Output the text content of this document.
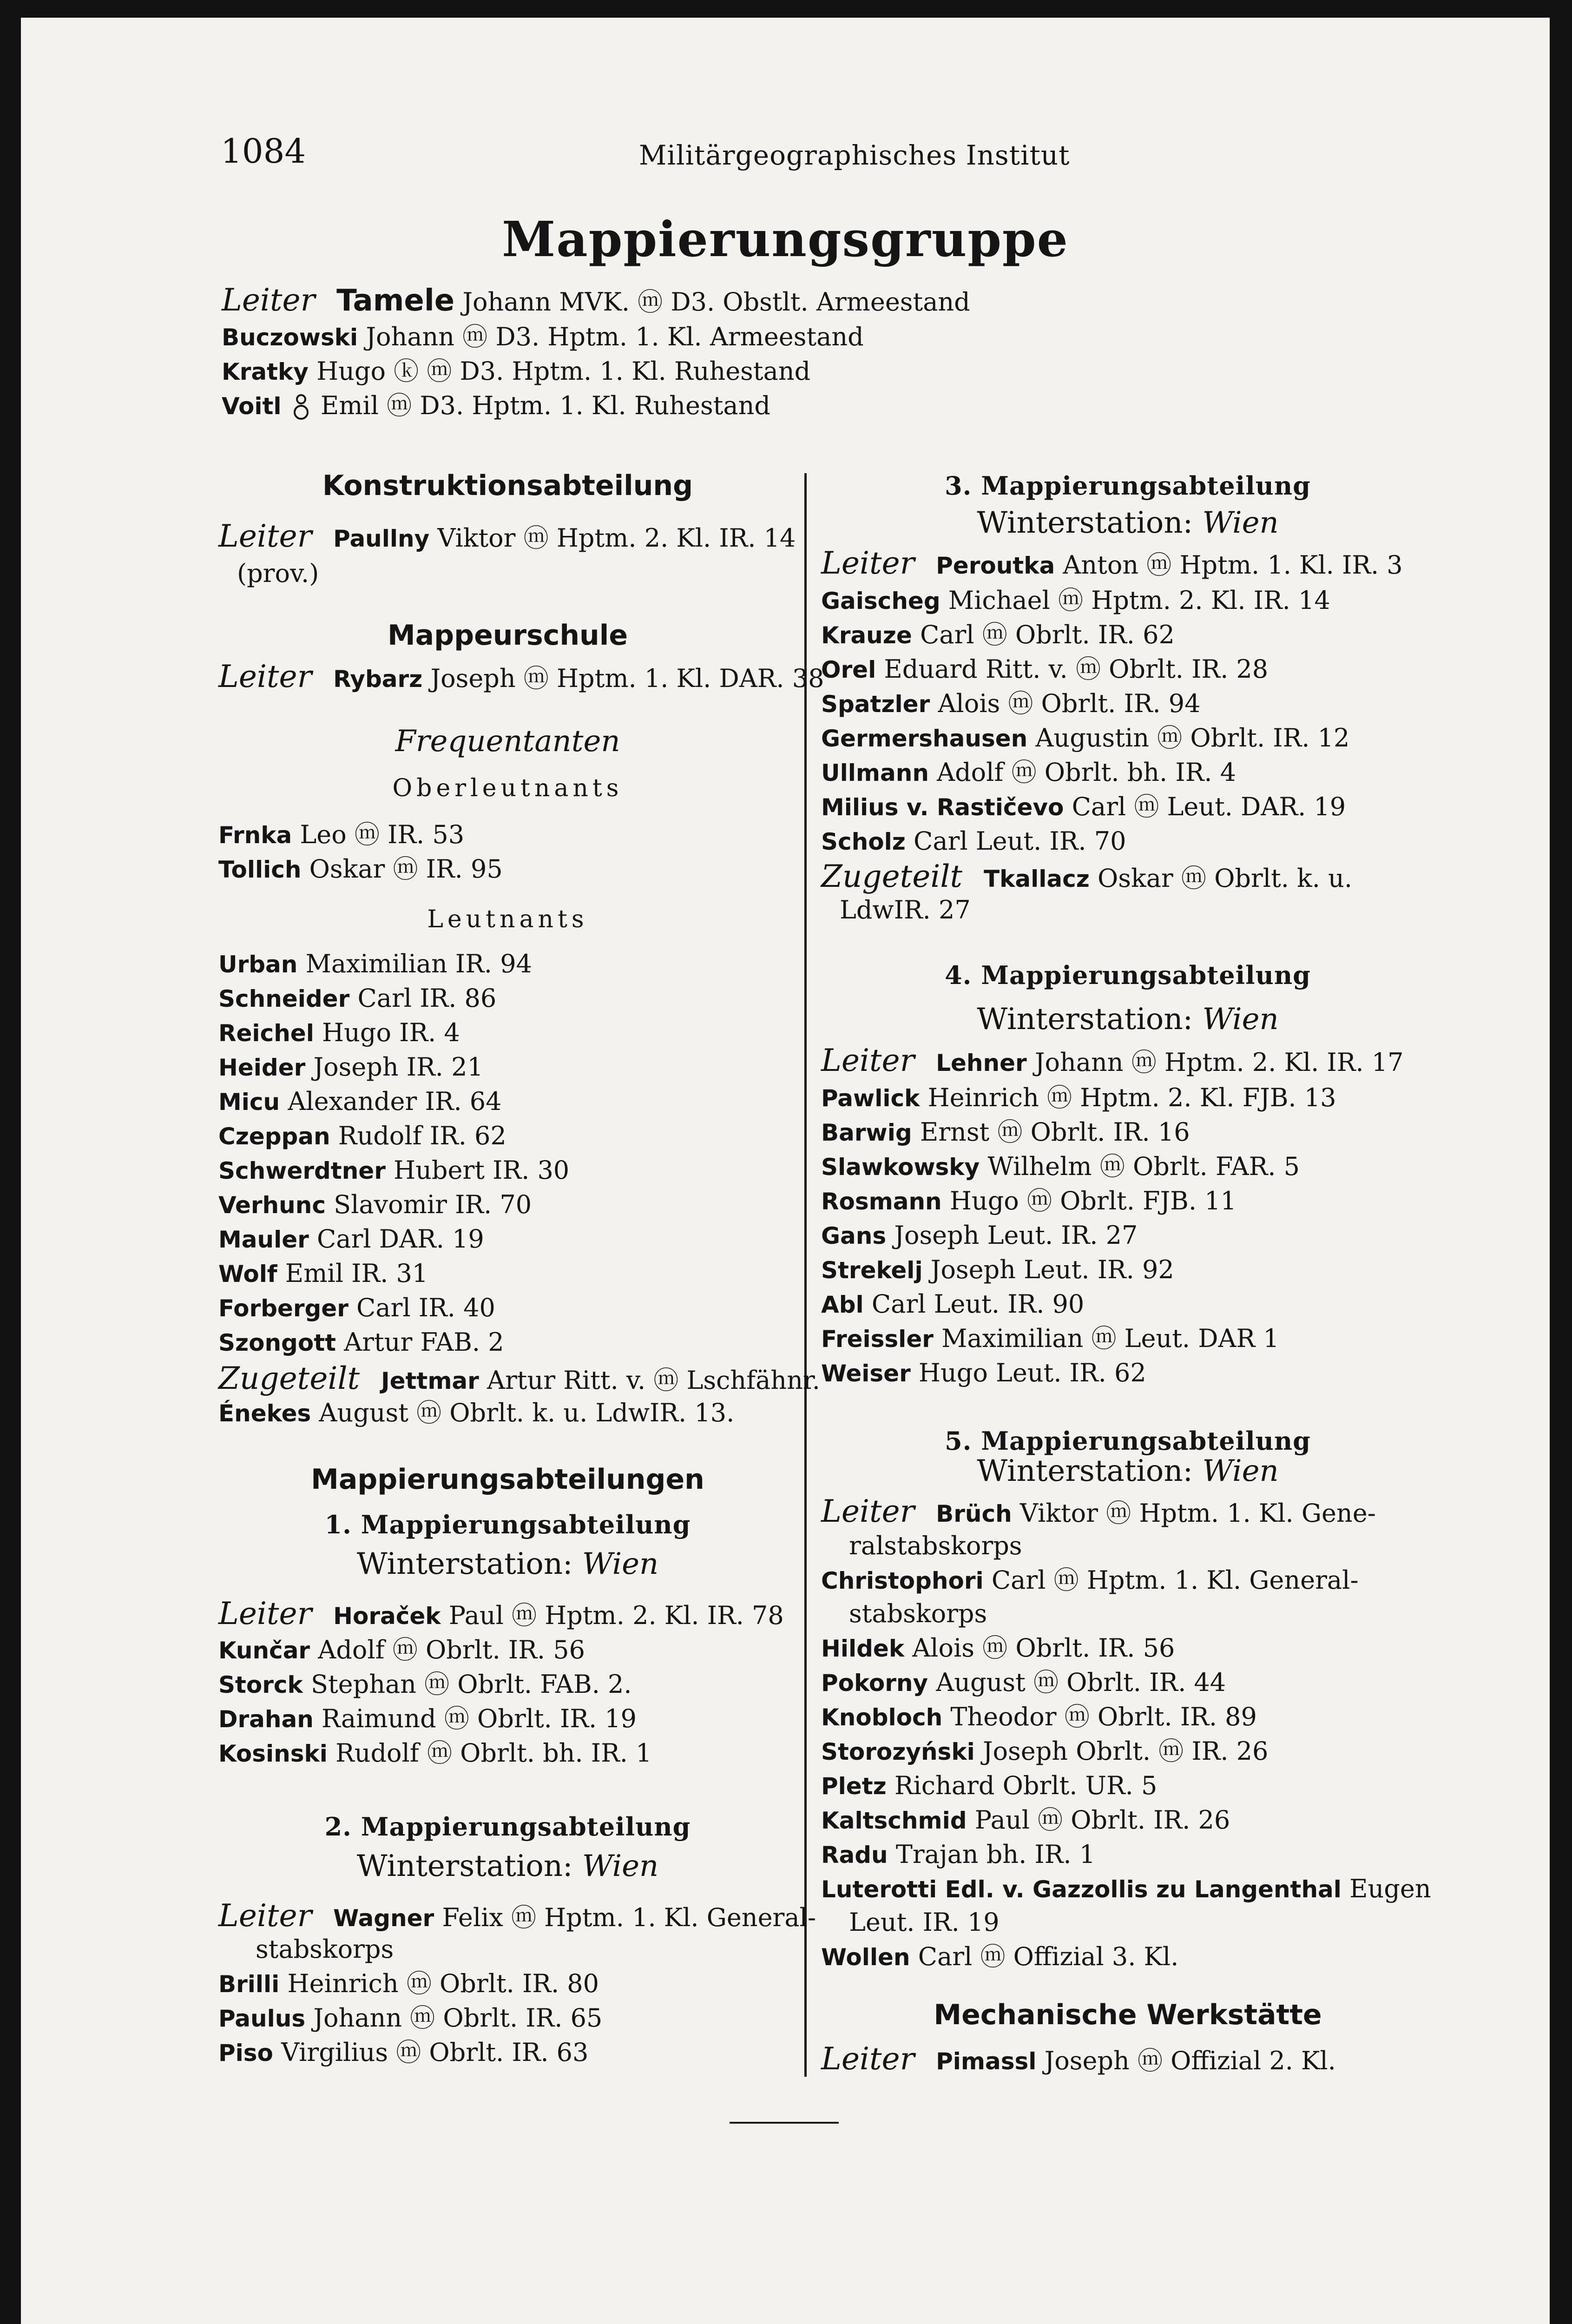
1084	Militärgeographisches Institut
Mappierungsgruppe
Leiter Tamele Johann MVK. ⓜ D3. Obstlt. Armeestand
Buczowski Johann ⓜ D3. Hptm. 1. Kl. Armeestand
Kratky Hugo ⓚ ⓜ D3. Hptm. 1. Kl. Ruhestand
Voitl Emil ⓜ D3. Hptm. 1. Kl. Ruhestand
Konstruktionsabteilung
Leiter Paullny Viktor ⓜ Hptm. 2. Kl. IR. 14
(prov.)
Mappeurschule
Leiter Rybarz Joseph ⓜ Hptm. 1. Kl. DAR. 38
Frequentanten
Oberleutnants
Frnka Leo ⓜ IR. 53
Tollich Oskar ⓜ IR. 95
Leutnants
Urban Maximilian IR. 94
Schneider Carl IR. 86
Reichel Hugo IR. 4
Heider Joseph IR. 21
Micu Alexander IR. 64
Czeppan Rudolf IR. 62
Schwerdtner Hubert IR. 30
Verhunc Slavomir IR. 70
Mauler Carl DAR. 19
Wolf Emil IR. 31
Forberger Carl IR. 40
Szongott Artur FAB. 2
Zugeteilt Jettmar Artur Ritt. v. ⓜ Lschfähnr.
Énekes August ⓜ Obrlt. k. u. LdwIR. 13.
Mappierungsabteilungen
1. Mappierungsabteilung
Winterstation: Wien
Leiter Horaček Paul ⓜ Hptm. 2. Kl. IR. 78
Kunčar Adolf ⓜ Obrlt. IR. 56
Storck Stephan ⓜ Obrlt. FAB. 2.
Drahan Raimund ⓜ Obrlt. IR. 19
Kosinski Rudolf ⓜ Obrlt. bh. IR. 1
2. Mappierungsabteilung
Winterstation: Wien
Leiter Wagner Felix ⓜ Hptm. 1. Kl. General-
stabskorps
Brilli Heinrich ⓜ Obrlt. IR. 80
Paulus Johann ⓜ Obrlt. IR. 65
Piso Virgilius ⓜ Obrlt. IR. 63
3. Mappierungsabteilung
Winterstation: Wien
Leiter Peroutka Anton ⓜ Hptm. 1. Kl. IR. 3
Gaischeg Michael ⓜ Hptm. 2. Kl. IR. 14
Krauze Carl ⓜ Obrlt. IR. 62
Orel Eduard Ritt. v. ⓜ Obrlt. IR. 28
Spatzler Alois ⓜ Obrlt. IR. 94
Germershausen Augustin ⓜ Obrlt. IR. 12
Ullmann Adolf ⓜ Obrlt. bh. IR. 4
Milius v. Rastičevo Carl ⓜ Leut. DAR. 19
Scholz Carl Leut. IR. 70
Zugeteilt Tkallacz Oskar ⓜ Obrlt. k. u.
LdwIR. 27
4. Mappierungsabteilung
Winterstation: Wien
Leiter Lehner Johann ⓜ Hptm. 2. Kl. IR. 17
Pawlick Heinrich ⓜ Hptm. 2. Kl. FJB. 13
Barwig Ernst ⓜ Obrlt. IR. 16
Slawkowsky Wilhelm ⓜ Obrlt. FAR. 5
Rosmann Hugo ⓜ Obrlt. FJB. 11
Gans Joseph Leut. IR. 27
Strekelj Joseph Leut. IR. 92
Abl Carl Leut. IR. 90
Freissler Maximilian ⓜ Leut. DAR 1
Weiser Hugo Leut. IR. 62
5. Mappierungsabteilung
Winterstation: Wien
Leiter Brüch Viktor ⓜ Hptm. 1. Kl. Gene-
ralstabskorps
Christophori Carl ⓜ Hptm. 1. Kl. General-
stabskorps
Hildek Alois ⓜ Obrlt. IR. 56
Pokorny August ⓜ Obrlt. IR. 44
Knobloch Theodor ⓜ Obrlt. IR. 89
Storozyński Joseph Obrlt. ⓜ IR. 26
Pletz Richard Obrlt. UR. 5
Kaltschmid Paul ⓜ Obrlt. IR. 26
Radu Trajan bh. IR. 1
Luterotti Edl. v. Gazzollis zu Langenthal Eugen
Leut. IR. 19
Wollen Carl ⓜ Offizial 3. Kl.
Mechanische Werkstätte
Leiter Pimassl Joseph ⓜ Offizial 2. Kl.
